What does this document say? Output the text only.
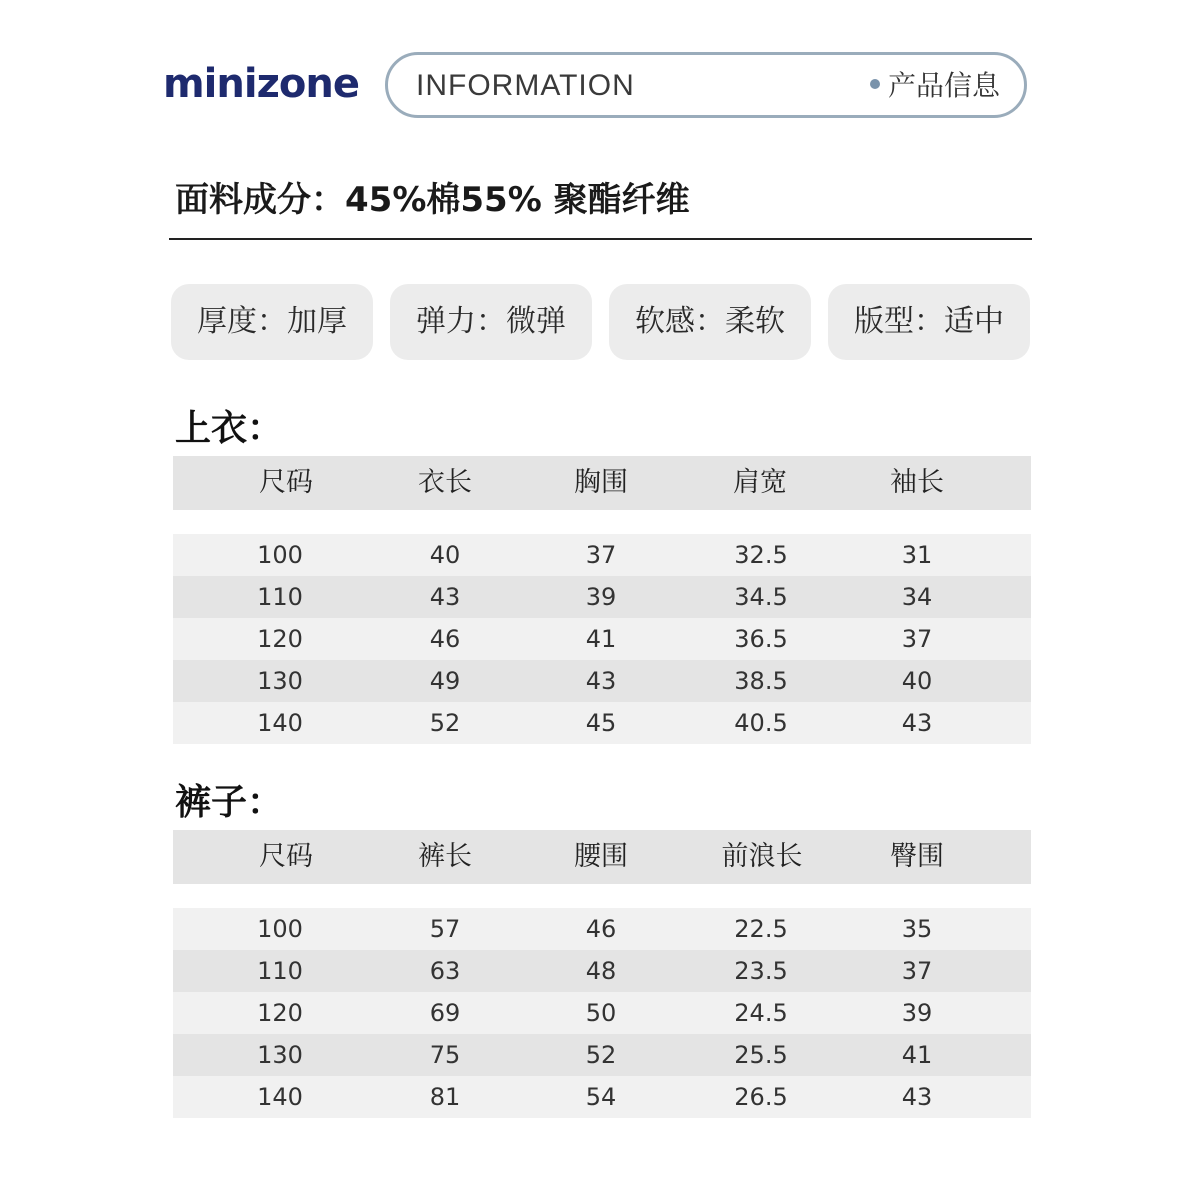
minizone	INFORMATION	产品信息
面料成分：45%棉55% 聚酯纤维
厚度：加厚	弹力：微弹	软感：柔软	版型：适中
上衣：
尺码	衣长	胸围	肩宽	袖长
100	40	37	32.5	31
110	43	39	34.5	34
120	46	41	36.5	37
130	49	43	38.5	40
140	52	45	40.5	43
裤子：
尺码	裤长	腰围	前浪长	臀围
100	57	46	22.5	35
110	63	48	23.5	37
120	69	50	24.5	39
130	75	52	25.5	41
140	81	54	26.5	43
